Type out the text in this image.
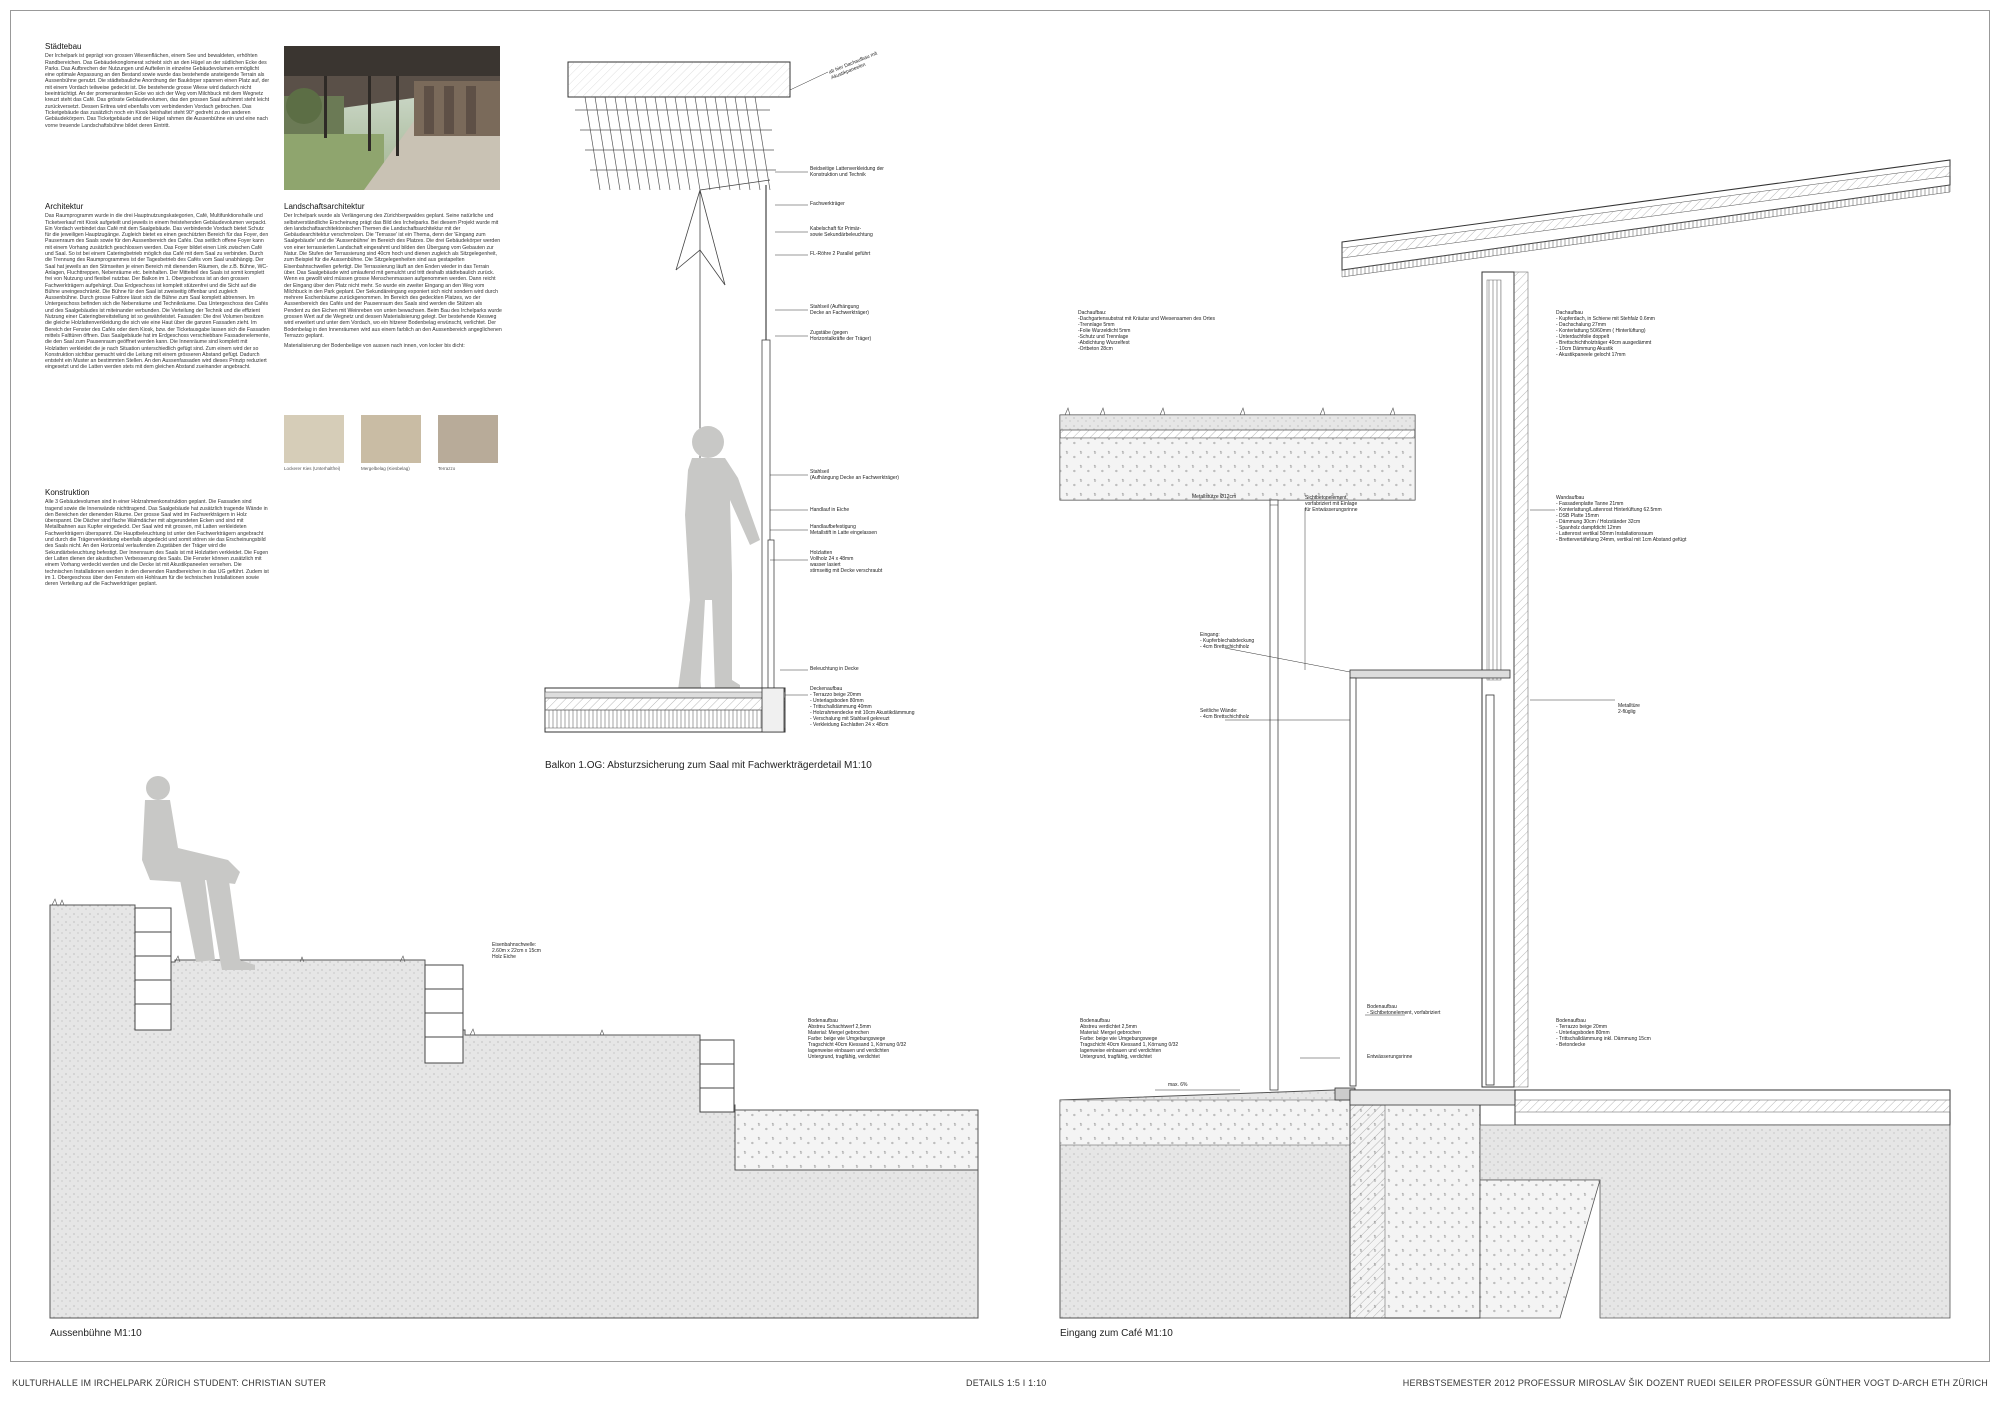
Städtebau

Der Irchelpark ist geprägt von grossen Wiesenflächen, einem See und bewaldeten, erhöhten Randbereichen. Das Gebäudekonglomerat schiebt sich an den Hügel an der südlichen Ecke des Parks. Das Aufbrechen der Nutzungen und Aufteilen in einzelne Gebäudevolumen ermöglicht eine optimale Anpassung an den Bestand sowie wurde das bestehende ansteigende Terrain als Aussenbühne genutzt. Die städtebauliche Anordnung der Baukörper spannen einen Platz auf, der mit einem Vordach teilweise gedeckt ist. Die bestehende grosse Wiese wird dadurch nicht beeinträchtigt. An der promenantesten Ecke wo sich der Weg vom Milchbuck mit dem Wegnetz kreuzt steht das Café. Das grösste Gebäudevolumen, das den grossen Saal aufnimmt steht leicht zurückversetzt. Dessen Eritrea wird ebenfalls vom verbindenden Vordach gebrochen. Das Ticketgebäude das zusätzlich noch ein Kiosk beinhaltet steht 90° gedreht zu den anderen Gebäudekörpern. Das Ticketgebäude und der Hügel rahmen die Aussenbühne ein und eine nach vorne treuende Landschaftsbühne bildet deren Eintritt.

Architektur

Das Raumprogramm wurde in die drei Hauptnutzungskategorien, Café, Multifunktionshalle und Ticketverkauf mit Kiosk aufgeteilt und jeweils in einem freistehenden Gebäudevolumen verpackt. Ein Vordach verbindet das Café mit dem Saalgebäude. Das verbindende Vordach bietet Schutz für die jeweiligen Hauptzugänge. Zugleich bietet es einen geschützten Bereich für das Foyer, den Pausenraum des Saals sowie für den Aussenbereich des Cafés. Das seitlich offene Foyer kann mit einem Vorhang zusätzlich geschlossen werden. Das Foyer bildet einen Link zwischen Café und Saal. So ist bei einem Cateringbetrieb möglich das Café mit dem Saal zu verbinden. Durch die Trennung des Raumprogrammes ist der Tagesbetrieb des Cafés vom Saal unabhängig. Der Saal hat jeweils an den Stirnseiten je einen Bereich mit dienenden Räumen, die z.B. Bühne, WC-Anlagen, Fluchttreppen, Nebenräume etc. beinhalten. Der Mittelteil des Saals ist somit komplett frei von Nutzung und flexibel nutzbar. Der Balkon im 1. Obergeschoss ist an den grossen Fachwerkträgern aufgehängt. Das Erdgeschoss ist komplett stützenfrei und die Sicht auf die Bühne uneingeschränkt. Die Bühne für den Saal ist zweiseitig öffenbar und zugleich Aussenbühne. Durch grosse Falttore lässt sich die Bühne zum Saal komplett abtrennen. Im Untergeschoss befinden sich die Nebenräume und Technikräume. Das Untergeschoss des Cafés und des Saalgebäudes ist miteinander verbunden. Die Verteilung der Technik und die effizient Nutzung einer Cateringbereitstellung ist so gewährleistet. Fassaden: Die drei Volumen besitzen die gleiche Holzlattenverkleidung die sich wie eine Haut über die ganzen Fassaden zieht. Im Bereich der Fenster des Cafés oder dem Kiosk, bzw. der Ticketausgabe lassen sich die Fassaden mittels Falttüren öffnen. Das Saalgebäude hat im Erdgeschoss verschiebbare Fassadenelemente, die den Saal zum Pausenraum geöffnet werden kann. Die Innenräume sind komplett mit Holzlatten verkleidet die je nach Situation unterschiedlich gefügt sind. Zum einem wird der so Konstruktion sichtbar gemacht wird die Leitung mit einem grösseren Abstand gefügt. Dadurch entsteht ein Muster an bestimmten Stellen. An den Aussenfassaden wird dieses Prinzip reduziert eingesetzt und die Latten werden stets mit dem gleichen Abstand zueinander angebracht.

Konstruktion

Alle 3 Gebäudevolumen sind in einer Holzrahmenkonstruktion geplant. Die Fassaden sind tragend sowie die Innenwände nichttragend. Das Saalgebäude hat zusätzlich tragende Wände in den Bereichen der dienenden Räume. Der grosse Saal wird im Fachwerkträgern in Holz überspannt. Die Dächer sind flache Walmdächer mit abgerundeten Ecken und sind mit Metallbahnen aus Kupfer eingedeckt. Der Saal wird mit grossen, mit Latten verkleideten Fachwerkträgern überspannt. Die Hauptbeleuchtung ist unter den Fachwerkträgern angebracht und durch die Trägerverkleidung ebenfalls abgedeckt und somit stören sie das Erscheinungsbild des Saals nicht. An den Horizontal verlaufenden Zugstäben der Träger wird die Sekundärbeleuchtung befestigt. Der Innenraum des Saals ist mit Holzlatten verkleidet. Die Fugen der Latten dienen der akustischen Verbesserung des Saals. Die Fenster können zusätzlich mit einem Vorhang verdeckt werden und die Decke ist mit Akustikpaneelen versehen. Die technischen Installationen werden in den dienenden Randbereichen in das UG geführt. Zudem ist im 1. Obergeschoss über den Fenstern ein Hohlraum für die technischen Installationen sowie deren Verteilung auf die Fachwerkträger geplant.

Landschaftsarchitektur

Der Irchelpark wurde als Verlängerung des Zürichbergwaldes geplant. Seine natürliche und selbstverständliche Erscheinung prägt das Bild des Irchelparks. Bei diesem Projekt wurde mit den landschaftsarchitektonischen Themen die Landschaftsarchitektur mit der Gebäudearchitektur verschmolzen. Die 'Terrasse' ist ein Thema, denn der 'Eingang zum Saalgebäude' und die 'Aussenbühne' im Bereich des Platzes. Die drei Gebäudekörper werden von einer terrassierten Landschaft eingerahmt und bilden den Übergang vom Gebauten zur Natur. Die Stufen der Terrassierung sind 40cm hoch und dienen zugleich als Sitzgelegenheit, zum Beispiel für die Aussenbühne. Die Sitzgelegenheiten sind aus gestapelten Eisenbahnschwellen gefertigt. Die Terrassierung läuft an den Enden wieder in das Terrain über. Das Saalgebäude wird umlaufend mit gemulcht und tritt deshalb städtebaulich zurück. Wenn es gewollt wird müssen grosse Menschenmassen aufgenommen werden. Dann reicht der Eingang über den Platz nicht mehr. So wurde ein zweiter Eingang an den Weg vom Milchbuck in den Park geplant. Der Sekundäreingang exponiert sich nicht sondern wird durch mehrere Eschenbäume zurückgenommen. Im Bereich des gedeckten Platzes, wo der Aussenbereich des Cafés und der Pausenraum des Saals sind werden die Stützen als Pendent zu den Eichen mit Weinreben von unten bewachsen. Beim Bau des Irchelparks wurde grossen Wert auf die Wegnetz und dessen Materialisierung gelegt. Der bestehende Kiesweg wird erweitert und unter dem Vordach, wo ein hitzerer Bodenbelag erwünscht, verlichtet. Der Bodenbelag in den Innenräumen wird aus einem farblich an den Aussenbereich angeglichenen Terrazzo geplant.

Materialisierung der Bodenbeläge von aussen nach innen, von locker bis dicht:

Lockerer Kies (Unterhaltfrei)	Mergelbelag (Kiesbelag)	Terrazzo
Aussenbühne M1:10
Balkon 1.OG: Absturzsicherung zum Saal mit Fachwerkträgerdetail M1:10
Eingang zum Café M1:10
ab hier Dachaufbau mit
Akustikpaneelen
Beidseitige Lattenverkleidung der
Konstruktion und Technik
Fachwerkträger
Kabelschaft für Primär-
sowie Sekundärbeleuchtung
FL-Röhre 2 Parallel geführt
Stahlseil (Aufhängung
Decke an Fachwerkträger)
Zugstäbe (gegen
Horizontalkräfte der Träger)
Stahlseil
(Aufhängung Decke an Fachwerkträger)
Handlauf in Eiche
Handlaufbefestigung
Metallstift in Latte eingelassen
Holzlatten
Vollholz 24 x 48mm
wasser lasiert
stirnseitig mit Decke verschraubt
Beleuchtung in Decke
Deckenaufbau
- Terrazzo beige 20mm
- Unterlagsboden 80mm
- Trittschalldämmung 40mm
- Holzrahmendecke mit 10cm Akustikdämmung
- Verschalung mit Stahlseil gekreuzt
- Verkleidung Eschlatten 24 x 48cm
Eisenbahnschwelle:
2.60m x 22cm x 15cm
Holz Eiche
Bodenaufbau
Abstreu Schachtwerf 2,5mm
Material: Mergel gebrochen
Farbe: beige wie Umgebungswege
Tragschicht 40cm Kiessand 1, Körnung 0/32
lagenweise einbauen und verdichten
Untergrund, tragfähig, verdichtet
Dachaufbau:
-Dachgartensubstrat mit Kräutar und Wiesensamen des Ortes
-Trennlage 5mm
-Folie Wurzeldicht 5mm
-Schutz und Trennlage
-Abdichtung Wurzelfest
-Ortbeton 28cm
Metallstütze Ø12cm	Sichtbetonelement,
vorfabriziert mit Einlage
für Entwässerungsrinne
Eingang:
- Kupferblechabdeckung
- 4cm Brettschichtholz
Seitliche Wände:
- 4cm Brettschichtholz
Bodenaufbau
- Sichtbetonelement, vorfabriziert
Entwässerungsrinne
max. 6%
Bodenaufbau
Abstreu verdichtet 2,5mm
Material: Mergel gebrochen
Farbe: beige wie Umgebungswege
Tragschicht 40cm Kiessand 1, Körnung 0/32
lagenweise einbauen und verdichten
Untergrund, tragfähig, verdichtet
Dachaufbau
- Kupferdach, in Schiene mit Stehfalz 0.6mm
- Dachschalung 27mm
- Konterlattung 50/60mm ( Hinterlüftung)
- Unterdachfolie doppelt
- Brettschichtholzträger 40cm ausgedämmt
- 10cm Dämmung Akustik
- Akustikpaneele gelocht 17mm
Wandaufbau
- Fassadenplatte Tanne 21mm
- Konterlattung/Lattenrost Hinterlüftung 62.5mm
- DSB Platte 15mm
- Dämmung 30cm / Holzständer 32cm
- Spanholz dampfdicht 12mm
- Lattenrost vertikal 50mm Installationsraum
- Brettervertäfelung 24mm, vertikal mit 1cm Abstand gefügt
Metalltüre
2-flüglig
Bodenaufbau
- Terrazzo beige 20mm
- Unterlagsboden 80mm
- Trittschalldämmung inkl. Dämmung 15cm
- Betondecke
KULTURHALLE IM IRCHELPARK ZÜRICH STUDENT: CHRISTIAN SUTER	DETAILS 1:5 I 1:10	HERBSTSEMESTER 2012 PROFESSUR MIROSLAV ŠIK DOZENT RUEDI SEILER PROFESSUR GÜNTHER VOGT D-ARCH ETH ZÜRICH
